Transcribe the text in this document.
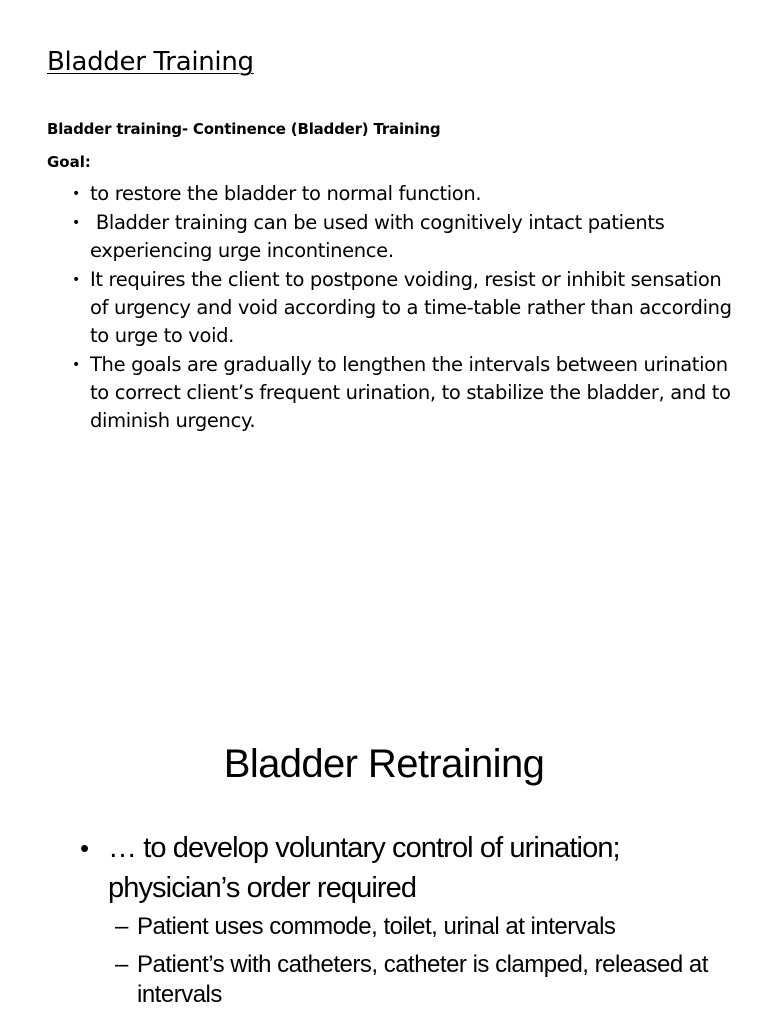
Bladder Training

Bladder training- Continence (Bladder) Training

Goal:

• to restore the bladder to normal function.
• Bladder training can be used with cognitively intact patients experiencing urge incontinence.
• It requires the client to postpone voiding, resist or inhibit sensation of urgency and void according to a time-table rather than according to urge to void.
• The goals are gradually to lengthen the intervals between urination to correct client’s frequent urination, to stabilize the bladder, and to diminish urgency.
Bladder Retraining
• … to develop voluntary control of urination; physician’s order required
– Patient uses commode, toilet, urinal at intervals
– Patient’s with catheters, catheter is clamped, released at intervals
